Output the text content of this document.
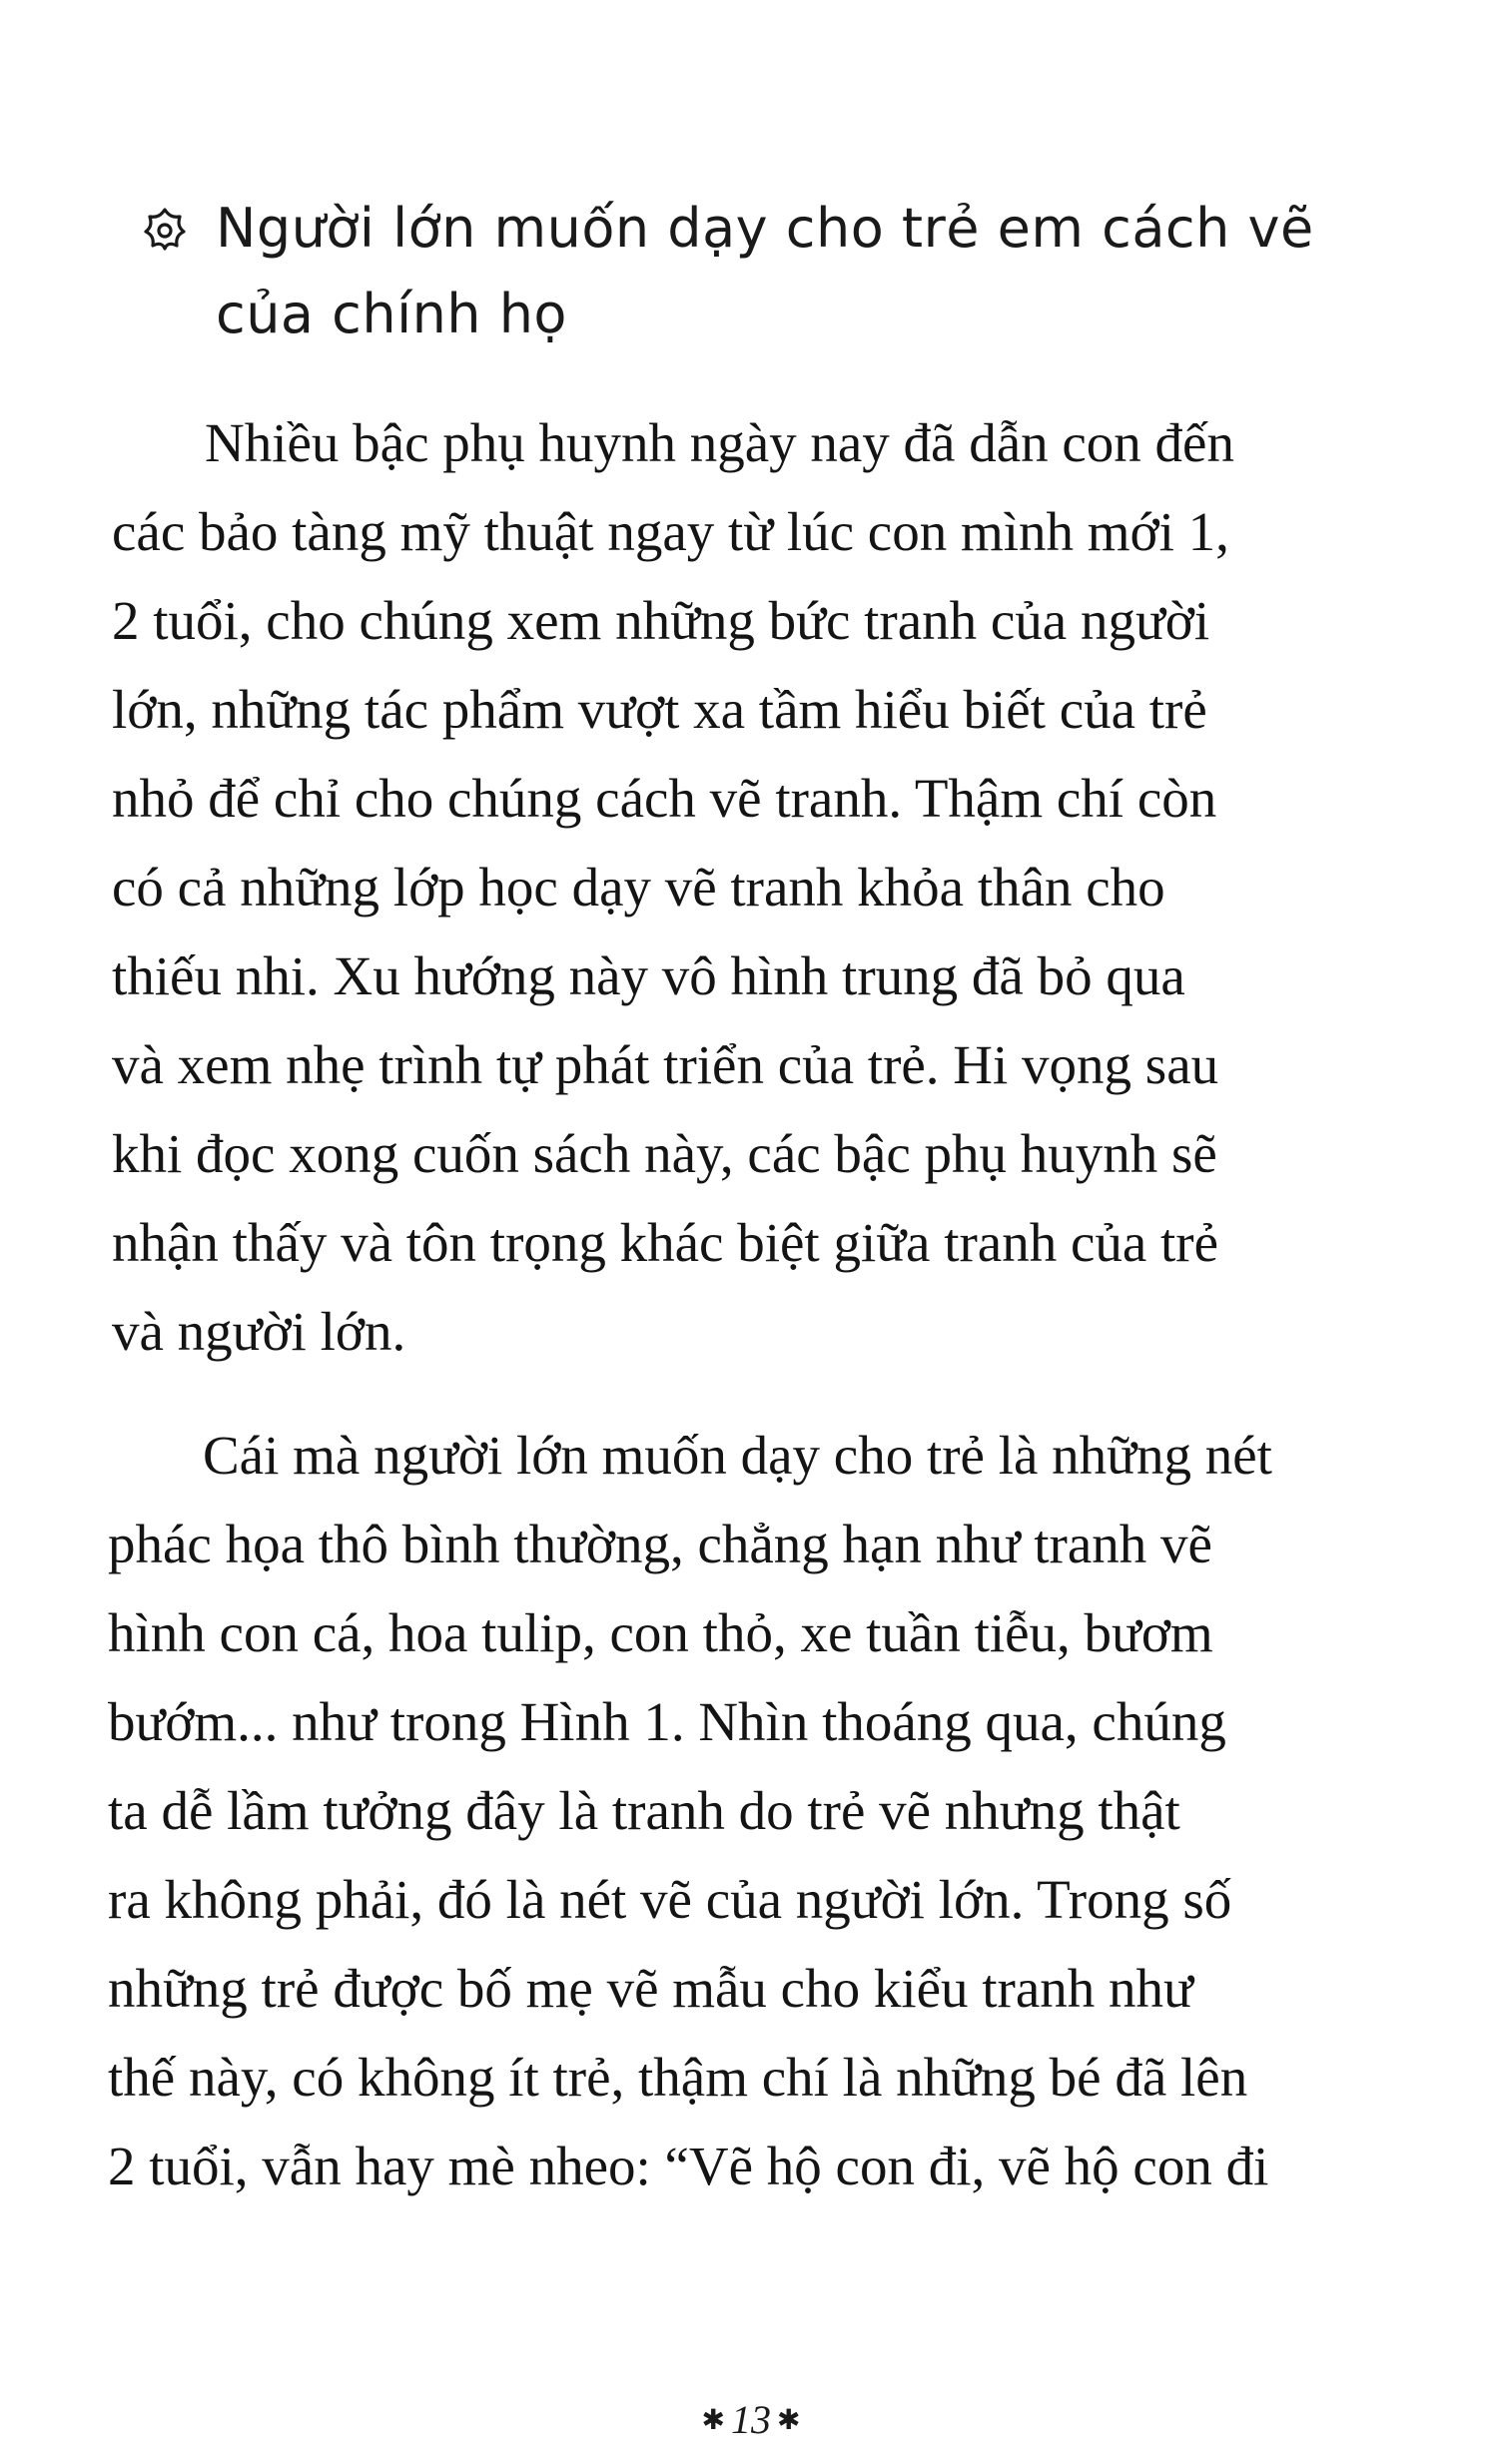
Người lớn muốn dạy cho trẻ em cách vẽ
của chính họ
Nhiều bậc phụ huynh ngày nay đã dẫn con đến
các bảo tàng mỹ thuật ngay từ lúc con mình mới 1,
2 tuổi, cho chúng xem những bức tranh của người
lớn, những tác phẩm vượt xa tầm hiểu biết của trẻ
nhỏ để chỉ cho chúng cách vẽ tranh. Thậm chí còn
có cả những lớp học dạy vẽ tranh khỏa thân cho
thiếu nhi. Xu hướng này vô hình trung đã bỏ qua
và xem nhẹ trình tự phát triển của trẻ. Hi vọng sau
khi đọc xong cuốn sách này, các bậc phụ huynh sẽ
nhận thấy và tôn trọng khác biệt giữa tranh của trẻ
và người lớn.
Cái mà người lớn muốn dạy cho trẻ là những nét
phác họa thô bình thường, chẳng hạn như tranh vẽ
hình con cá, hoa tulip, con thỏ, xe tuần tiễu, bươm
bướm... như trong Hình 1. Nhìn thoáng qua, chúng
ta dễ lầm tưởng đây là tranh do trẻ vẽ nhưng thật
ra không phải, đó là nét vẽ của người lớn. Trong số
những trẻ được bố mẹ vẽ mẫu cho kiểu tranh như
thế này, có không ít trẻ, thậm chí là những bé đã lên
2 tuổi, vẫn hay mè nheo: “Vẽ hộ con đi, vẽ hộ con đi
✱ 13 ✱
